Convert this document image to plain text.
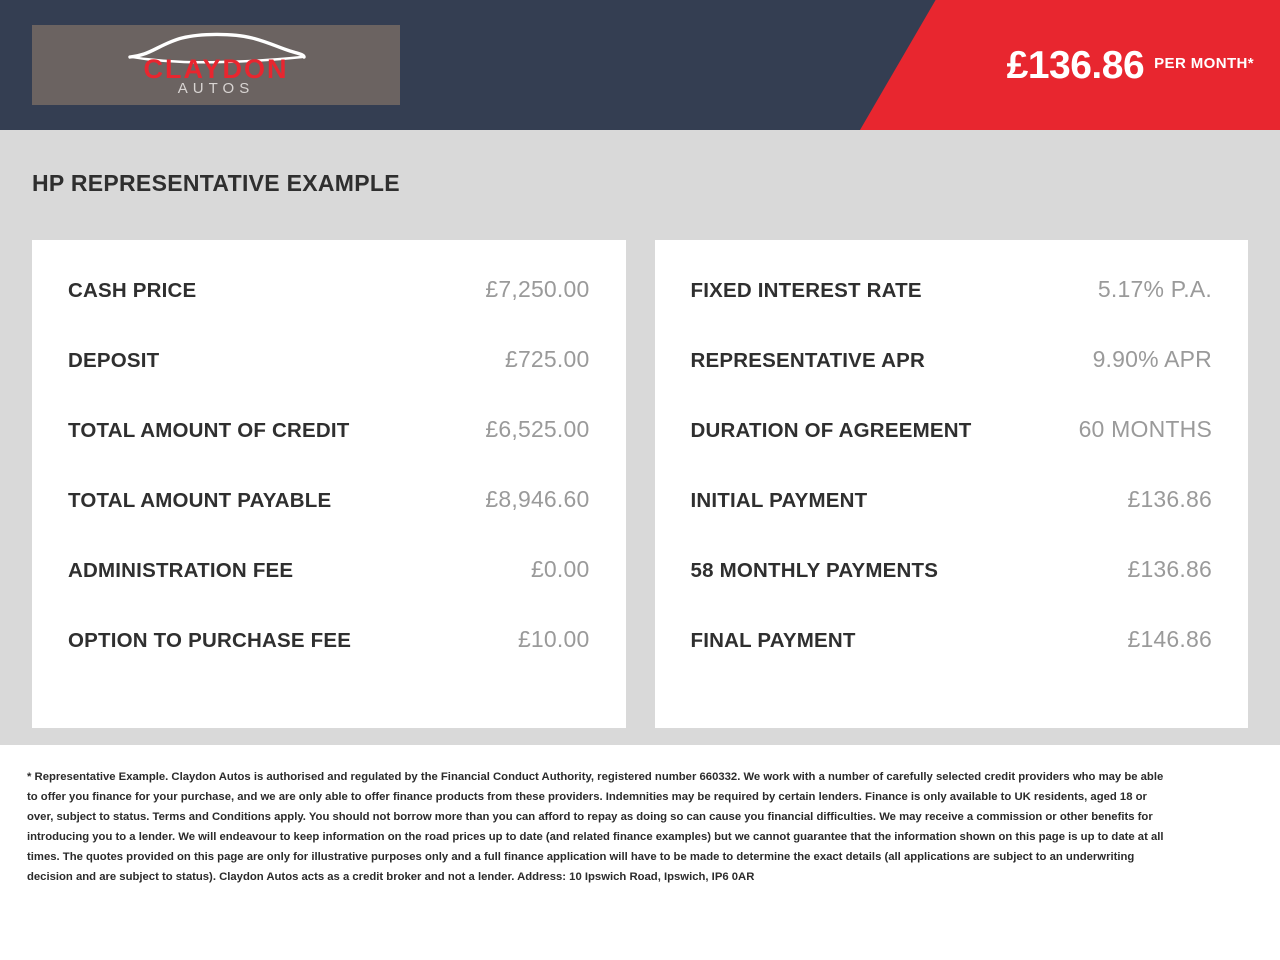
CLAYDON
AUTOS
£136.86 PER MONTH*
HP REPRESENTATIVE EXAMPLE
CASH PRICE	£7,250.00
DEPOSIT	£725.00
TOTAL AMOUNT OF CREDIT	£6,525.00
TOTAL AMOUNT PAYABLE	£8,946.60
ADMINISTRATION FEE	£0.00
OPTION TO PURCHASE FEE	£10.00
FIXED INTEREST RATE	5.17% P.A.
REPRESENTATIVE APR	9.90% APR
DURATION OF AGREEMENT	60 MONTHS
INITIAL PAYMENT	£136.86
58 MONTHLY PAYMENTS	£136.86
FINAL PAYMENT	£146.86
* Representative Example. Claydon Autos is authorised and regulated by the Financial Conduct Authority, registered number 660332. We work with a number of carefully selected credit providers who may be able to offer you finance for your purchase, and we are only able to offer finance products from these providers. Indemnities may be required by certain lenders. Finance is only available to UK residents, aged 18 or over, subject to status. Terms and Conditions apply. You should not borrow more than you can afford to repay as doing so can cause you financial difficulties. We may receive a commission or other benefits for introducing you to a lender. We will endeavour to keep information on the road prices up to date (and related finance examples) but we cannot guarantee that the information shown on this page is up to date at all times. The quotes provided on this page are only for illustrative purposes only and a full finance application will have to be made to determine the exact details (all applications are subject to an underwriting decision and are subject to status). Claydon Autos acts as a credit broker and not a lender. Address: 10 Ipswich Road, Ipswich, IP6 0AR
